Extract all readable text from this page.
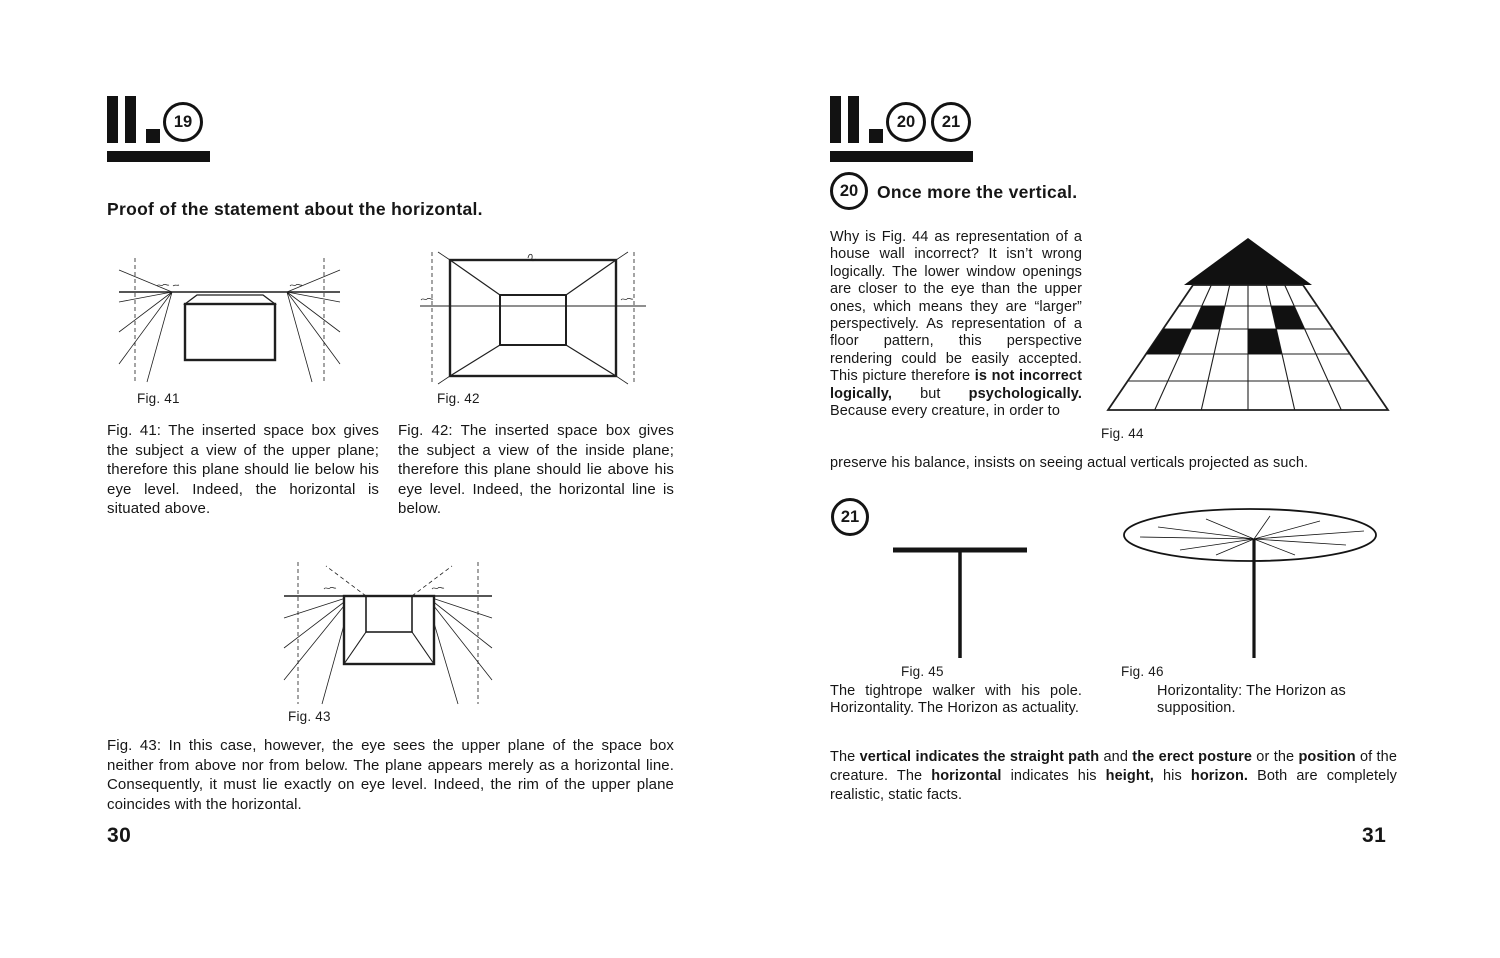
19
Proof of the statement about the horizontal.
Fig. 41	Fig. 42
Fig. 41: The inserted space box gives the subject a view of the upper plane; therefore this plane should lie below his eye level. Indeed, the horizontal is situated above.
Fig. 42: The inserted space box gives the subject a view of the inside plane; therefore this plane should lie above his eye level. Indeed, the horizontal line is below.
Fig. 43
Fig. 43: In this case, however, the eye sees the upper plane of the space box neither from above nor from below. The plane appears merely as a horizontal line. Consequently, it must lie exactly on eye level. Indeed, the rim of the upper plane coincides with the horizontal.
30
20 21
20 Once more the vertical.
Why is Fig. 44 as representation of a house wall incorrect? It isn’t wrong logically. The lower window openings are closer to the eye than the upper ones, which means they are “larger” perspectively. As representation of a floor pattern, this perspective rendering could be easily accepted. This picture therefore is not incorrect logically, but psychologically. Because every creature, in order to
Fig. 44
preserve his balance, insists on seeing actual verticals projected as such.
21
Fig. 45	Fig. 46
The tightrope walker with his pole. Horizontality. The Horizon as actuality.
Horizontality: The Horizon as supposition.
The vertical indicates the straight path and the erect posture or the position of the creature. The horizontal indicates his height, his horizon. Both are completely realistic, static facts.
31
